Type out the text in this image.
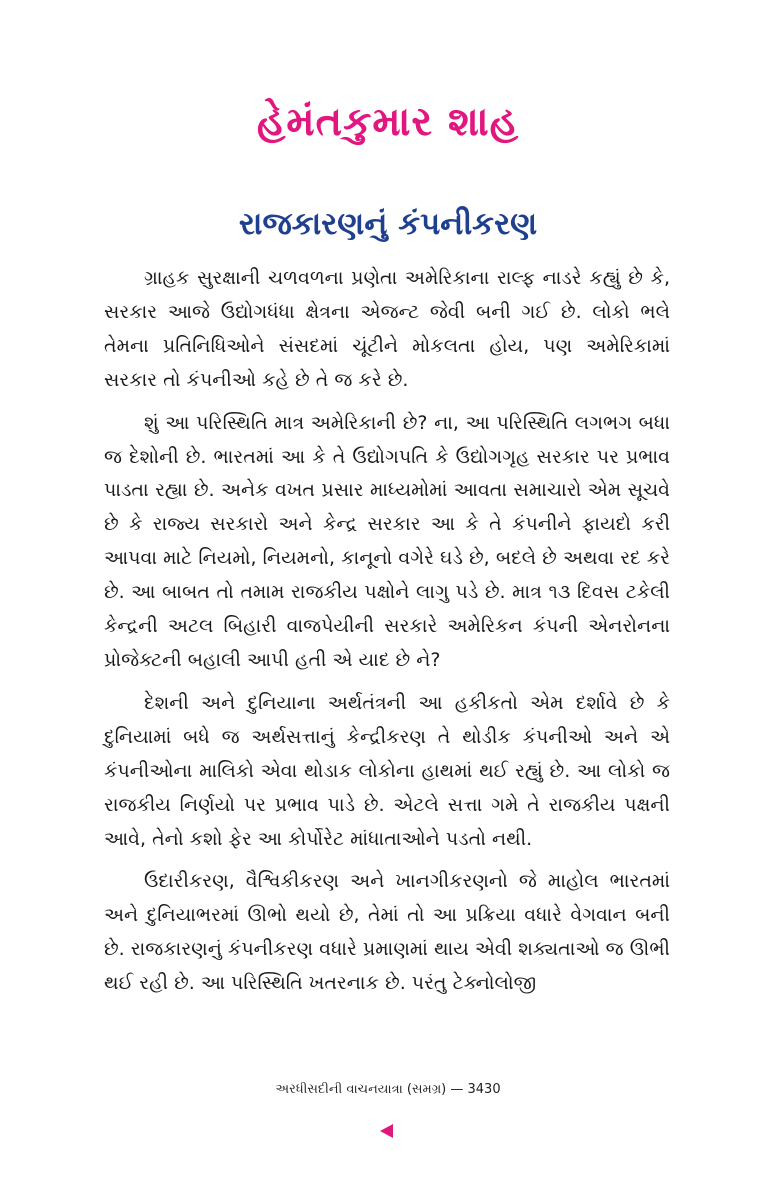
હેમંતકુમાર શાહ
રાજકારણનું કંપનીકરણ

ગ્રાહક સુરક્ષાની ચળવળના પ્રણેતા અમેરિકાના રાલ્ફ નાડરે કહ્યું છે કે, સરકાર આજે ઉદ્યોગધંધા ક્ષેત્રના એજન્ટ જેવી બની ગઈ છે. લોકો ભલે તેમના પ્રતિનિધિઓને સંસદમાં ચૂંટીને મોકલતા હોય, પણ અમેરિકામાં સરકાર તો કંપનીઓ કહે છે તે જ કરે છે.

શું આ પરિસ્થિતિ માત્ર અમેરિકાની છે? ના, આ પરિસ્થિતિ લગભગ બધા જ દેશોની છે. ભારતમાં આ કે તે ઉદ્યોગપતિ કે ઉદ્યોગગૃહ સરકાર પર પ્રભાવ પાડતા રહ્યા છે. અનેક વખત પ્રસાર માધ્યમોમાં આવતા સમાચારો એમ સૂચવે છે કે રાજ્ય સરકારો અને કેન્દ્ર સરકાર આ કે તે કંપનીને ફાયદો કરી આપવા માટે નિયમો, નિયમનો, કાનૂનો વગેરે ઘડે છે, બદલે છે અથવા રદ કરે છે. આ બાબત તો તમામ રાજકીય પક્ષોને લાગુ પડે છે. માત્ર ૧૩ દિવસ ટકેલી કેન્દ્રની અટલ બિહારી વાજપેયીની સરકારે અમેરિકન કંપની એનરોનના પ્રોજેક્ટની બહાલી આપી હતી એ યાદ છે ને?

દેશની અને દુનિયાના અર્થતંત્રની આ હકીકતો એમ દર્શાવે છે કે દુનિયામાં બધે જ અર્થસત્તાનું કેન્દ્રીકરણ તે થોડીક કંપનીઓ અને એ કંપનીઓના માલિકો એવા થોડાક લોકોના હાથમાં થઈ રહ્યું છે. આ લોકો જ રાજકીય નિર્ણયો પર પ્રભાવ પાડે છે. એટલે સત્તા ગમે તે રાજકીય પક્ષની આવે, તેનો કશો ફેર આ કોર્પોરેટ માંધાતાઓને પડતો નથી.

ઉદારીકરણ, વૈશ્વિકીકરણ અને ખાનગીકરણનો જે માહોલ ભારતમાં અને દુનિયાભરમાં ઊભો થયો છે, તેમાં તો આ પ્રક્રિયા વધારે વેગવાન બની છે. રાજકારણનું કંપનીકરણ વધારે પ્રમાણમાં થાય એવી શક્યતાઓ જ ઊભી થઈ રહી છે. આ પરિસ્થિતિ ખતરનાક છે. પરંતુ ટેક્નોલોજી

અરધીસદીની વાચનયાત્રા (સમગ્ર) — 3430
